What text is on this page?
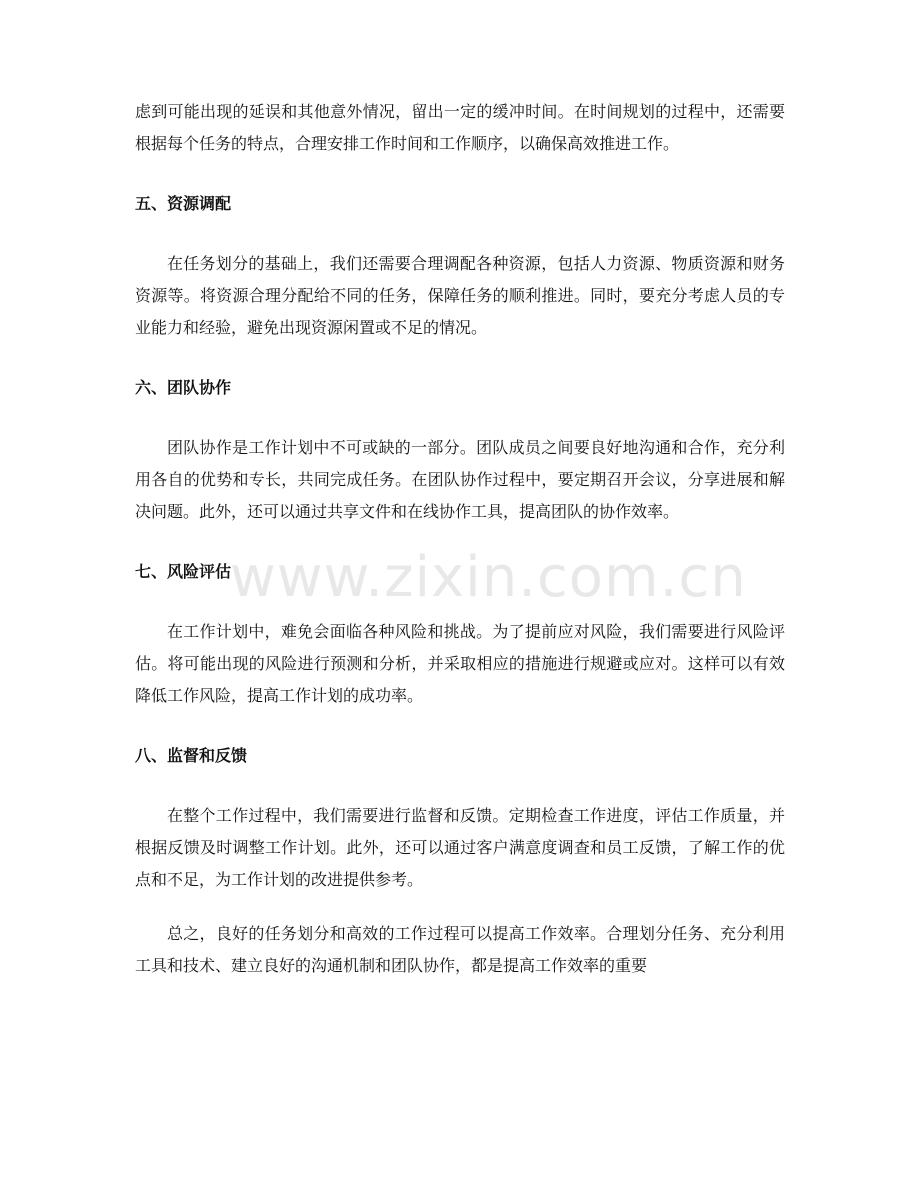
虑到可能出现的延误和其他意外情况，留出一定的缓冲时间。在时间规划的过程中，还需要根据每个任务的特点，合理安排工作时间和工作顺序，以确保高效推进工作。

五、资源调配

在任务划分的基础上，我们还需要合理调配各种资源，包括人力资源、物质资源和财务资源等。将资源合理分配给不同的任务，保障任务的顺利推进。同时，要充分考虑人员的专业能力和经验，避免出现资源闲置或不足的情况。

六、团队协作

团队协作是工作计划中不可或缺的一部分。团队成员之间要良好地沟通和合作，充分利用各自的优势和专长，共同完成任务。在团队协作过程中，要定期召开会议，分享进展和解决问题。此外，还可以通过共享文件和在线协作工具，提高团队的协作效率。

七、风险评估

在工作计划中，难免会面临各种风险和挑战。为了提前应对风险，我们需要进行风险评估。将可能出现的风险进行预测和分析，并采取相应的措施进行规避或应对。这样可以有效降低工作风险，提高工作计划的成功率。

八、监督和反馈

在整个工作过程中，我们需要进行监督和反馈。定期检查工作进度，评估工作质量，并根据反馈及时调整工作计划。此外，还可以通过客户满意度调查和员工反馈，了解工作的优点和不足，为工作计划的改进提供参考。

总之，良好的任务划分和高效的工作过程可以提高工作效率。合理划分任务、充分利用工具和技术、建立良好的沟通机制和团队协作，都是提高工作效率的重要

www.zixin.com.cn
